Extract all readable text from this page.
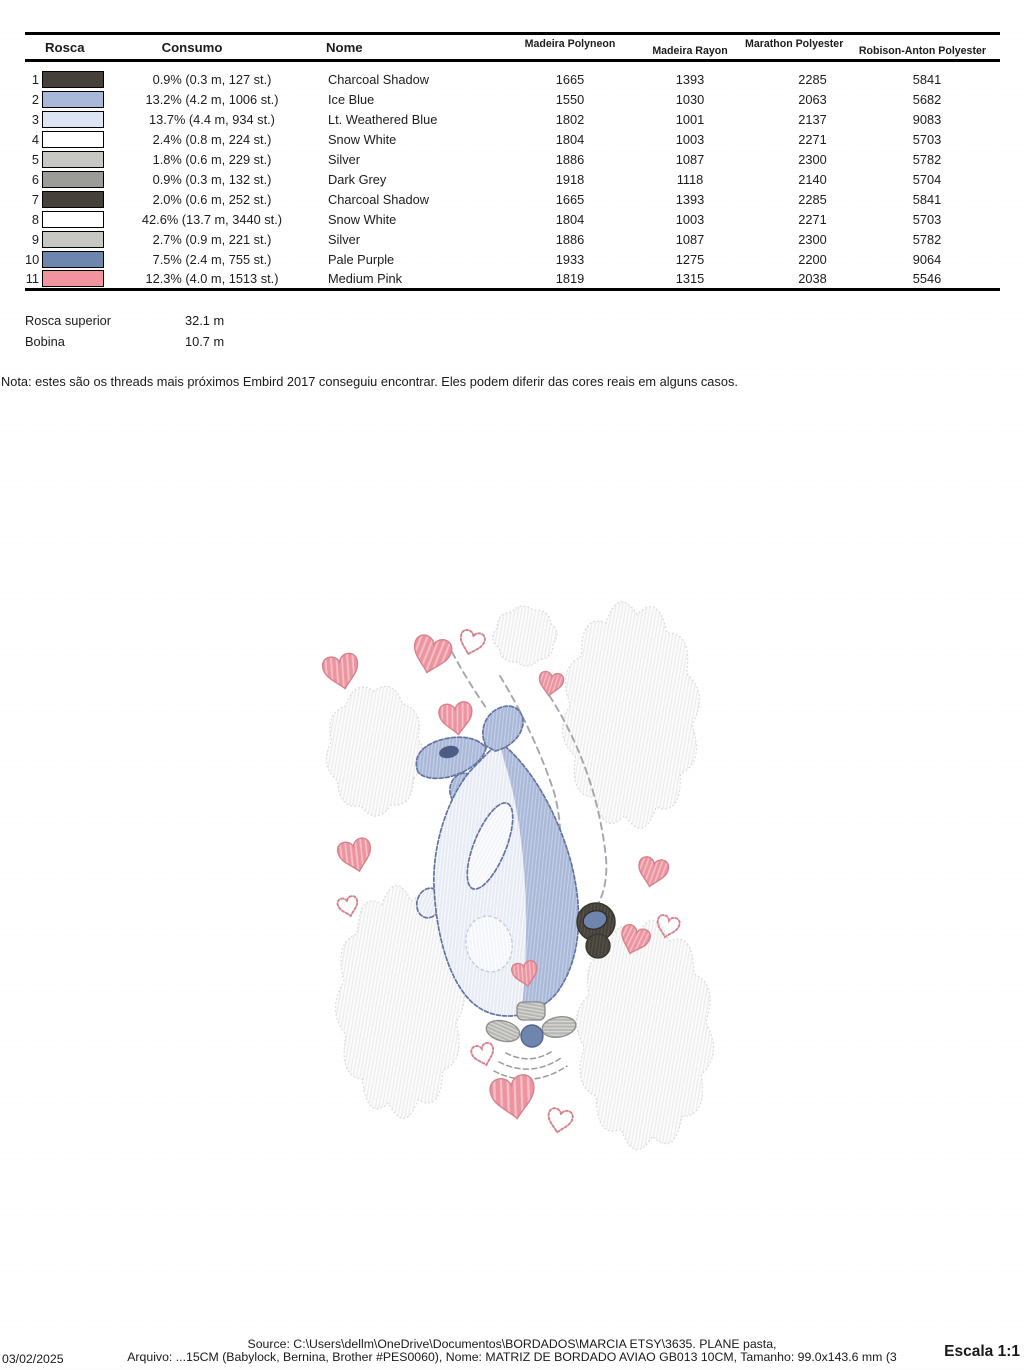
Rosca		Consumo	Nome	Madeira Polyneon	Madeira Rayon	Marathon Polyester	Robison-Anton Polyester

1		0.9% (0.3 m, 127 st.)	Charcoal Shadow	1665	1393	2285	5841
2		13.2% (4.2 m, 1006 st.)	Ice Blue	1550	1030	2063	5682
3		13.7% (4.4 m, 934 st.)	Lt. Weathered Blue	1802	1001	2137	9083
4		2.4% (0.8 m, 224 st.)	Snow White	1804	1003	2271	5703
5		1.8% (0.6 m, 229 st.)	Silver	1886	1087	2300	5782
6		0.9% (0.3 m, 132 st.)	Dark Grey	1918	1118	2140	5704
7		2.0% (0.6 m, 252 st.)	Charcoal Shadow	1665	1393	2285	5841
8		42.6% (13.7 m, 3440 st.)	Snow White	1804	1003	2271	5703
9		2.7% (0.9 m, 221 st.)	Silver	1886	1087	2300	5782
10		7.5% (2.4 m, 755 st.)	Pale Purple	1933	1275	2200	9064
11		12.3% (4.0 m, 1513 st.)	Medium Pink	1819	1315	2038	5546
Rosca superior	32.1 m
Bobina	10.7 m
Nota: estes são os threads mais próximos Embird 2017 conseguiu encontrar. Eles podem diferir das cores reais em alguns casos.
Source: C:\Users\dellm\OneDrive\Documentos\BORDADOS\MARCIA ETSY\3635. PLANE pasta,
Arquivo: ...15CM (Babylock, Bernina, Brother #PES0060), Nome: MATRIZ DE BORDADO AVIAO GB013 10CM, Tamanho: 99.0x143.6 mm (3
03/02/2025	Escala 1:1
